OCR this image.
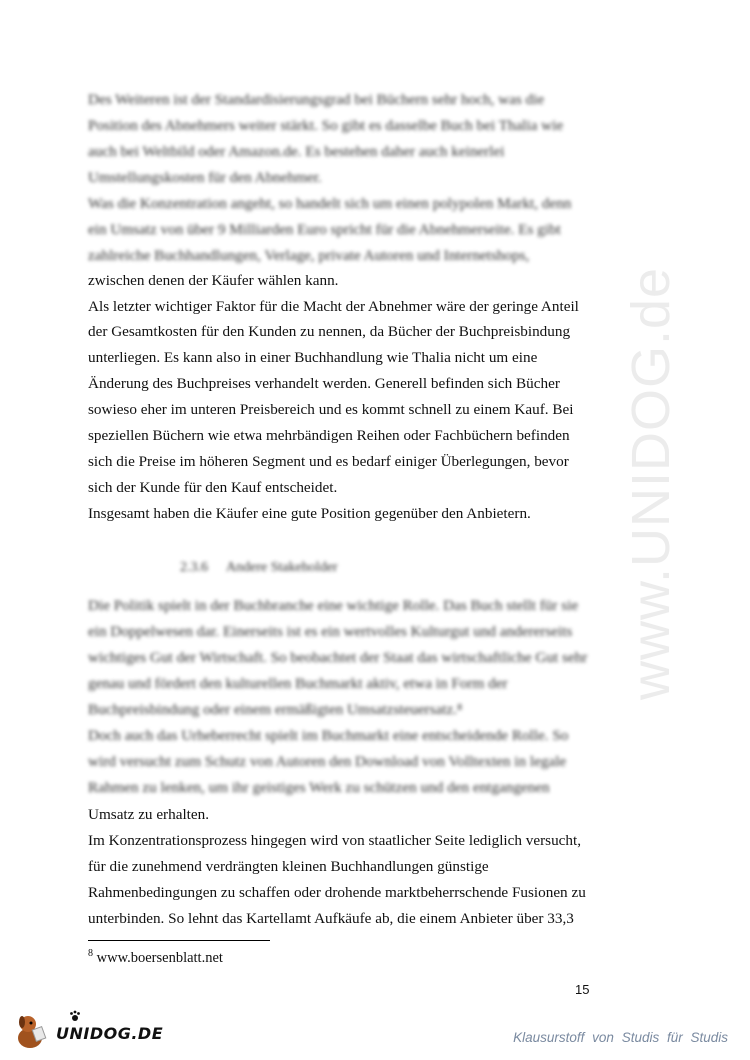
www.UNIDOG.de
Des Weiteren ist der Standardisierungsgrad bei Büchern sehr hoch, was die
Position des Abnehmers weiter stärkt. So gibt es dasselbe Buch bei Thalia wie
auch bei Weltbild oder Amazon.de. Es bestehen daher auch keinerlei
Umstellungskosten für den Abnehmer.
Was die Konzentration angeht, so handelt sich um einen polypolen Markt, denn
ein Umsatz von über 9 Milliarden Euro spricht für die Abnehmerseite. Es gibt
zahlreiche Buchhandlungen, Verlage, private Autoren und Internetshops,
zwischen denen der Käufer wählen kann.
Als letzter wichtiger Faktor für die Macht der Abnehmer wäre der geringe Anteil
der Gesamtkosten für den Kunden zu nennen, da Bücher der Buchpreisbindung
unterliegen. Es kann also in einer Buchhandlung wie Thalia nicht um eine
Änderung des Buchpreises verhandelt werden. Generell befinden sich Bücher
sowieso eher im unteren Preisbereich und es kommt schnell zu einem Kauf. Bei
speziellen Büchern wie etwa mehrbändigen Reihen oder Fachbüchern befinden
sich die Preise im höheren Segment und es bedarf einiger Überlegungen, bevor
sich der Kunde für den Kauf entscheidet.
Insgesamt haben die Käufer eine gute Position gegenüber den Anbietern.
2.3.6 Andere Stakeholder
Die Politik spielt in der Buchbranche eine wichtige Rolle. Das Buch stellt für sie
ein Doppelwesen dar. Einerseits ist es ein wertvolles Kulturgut und andererseits
wichtiges Gut der Wirtschaft. So beobachtet der Staat das wirtschaftliche Gut sehr
genau und fördert den kulturellen Buchmarkt aktiv, etwa in Form der
Buchpreisbindung oder einem ermäßigten Umsatzsteuersatz.⁸
Doch auch das Urheberrecht spielt im Buchmarkt eine entscheidende Rolle. So
wird versucht zum Schutz von Autoren den Download von Volltexten in legale
Rahmen zu lenken, um ihr geistiges Werk zu schützen und den entgangenen
Umsatz zu erhalten.
Im Konzentrationsprozess hingegen wird von staatlicher Seite lediglich versucht,
für die zunehmend verdrängten kleinen Buchhandlungen günstige
Rahmenbedingungen zu schaffen oder drohende marktbeherrschende Fusionen zu
unterbinden. So lehnt das Kartellamt Aufkäufe ab, die einem Anbieter über 33,3
$^8$ www.boersenblatt.net
15
UNIDOG.DE	Klausurstoff von Studis für Studis
